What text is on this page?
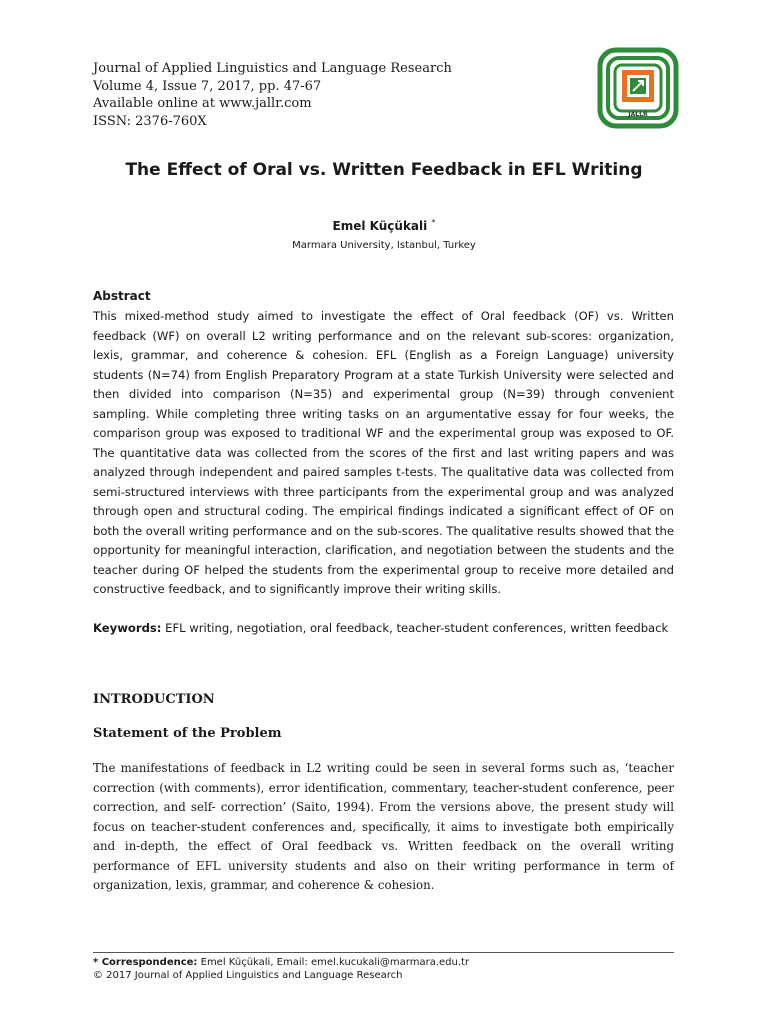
Journal of Applied Linguistics and Language Research
Volume 4, Issue 7, 2017, pp. 47-67
Available online at www.jallr.com
ISSN: 2376-760X	JALLR
The Effect of Oral vs. Written Feedback in EFL Writing
Emel Küçükali *
Marmara University, Istanbul, Turkey
Abstract
This mixed-method study aimed to investigate the effect of Oral feedback (OF) vs. Written feedback (WF) on overall L2 writing performance and on the relevant sub-scores: organization, lexis, grammar, and coherence & cohesion. EFL (English as a Foreign Language) university students (N=74) from English Preparatory Program at a state Turkish University were selected and then divided into comparison (N=35) and experimental group (N=39) through convenient sampling. While completing three writing tasks on an argumentative essay for four weeks, the comparison group was exposed to traditional WF and the experimental group was exposed to OF. The quantitative data was collected from the scores of the first and last writing papers and was analyzed through independent and paired samples t-tests. The qualitative data was collected from semi-structured interviews with three participants from the experimental group and was analyzed through open and structural coding. The empirical findings indicated a significant effect of OF on both the overall writing performance and on the sub-scores. The qualitative results showed that the opportunity for meaningful interaction, clarification, and negotiation between the students and the teacher during OF helped the students from the experimental group to receive more detailed and constructive feedback, and to significantly improve their writing skills.
Keywords: EFL writing, negotiation, oral feedback, teacher-student conferences, written feedback
INTRODUCTION
Statement of the Problem
The manifestations of feedback in L2 writing could be seen in several forms such as, ‘teacher correction (with comments), error identification, commentary, teacher-student conference, peer correction, and self- correction’ (Saito, 1994). From the versions above, the present study will focus on teacher-student conferences and, specifically, it aims to investigate both empirically and in-depth, the effect of Oral feedback vs. Written feedback on the overall writing performance of EFL university students and also on their writing performance in term of organization, lexis, grammar, and coherence & cohesion.
* Correspondence: Emel Küçükali, Email: emel.kucukali@marmara.edu.tr
© 2017 Journal of Applied Linguistics and Language Research
